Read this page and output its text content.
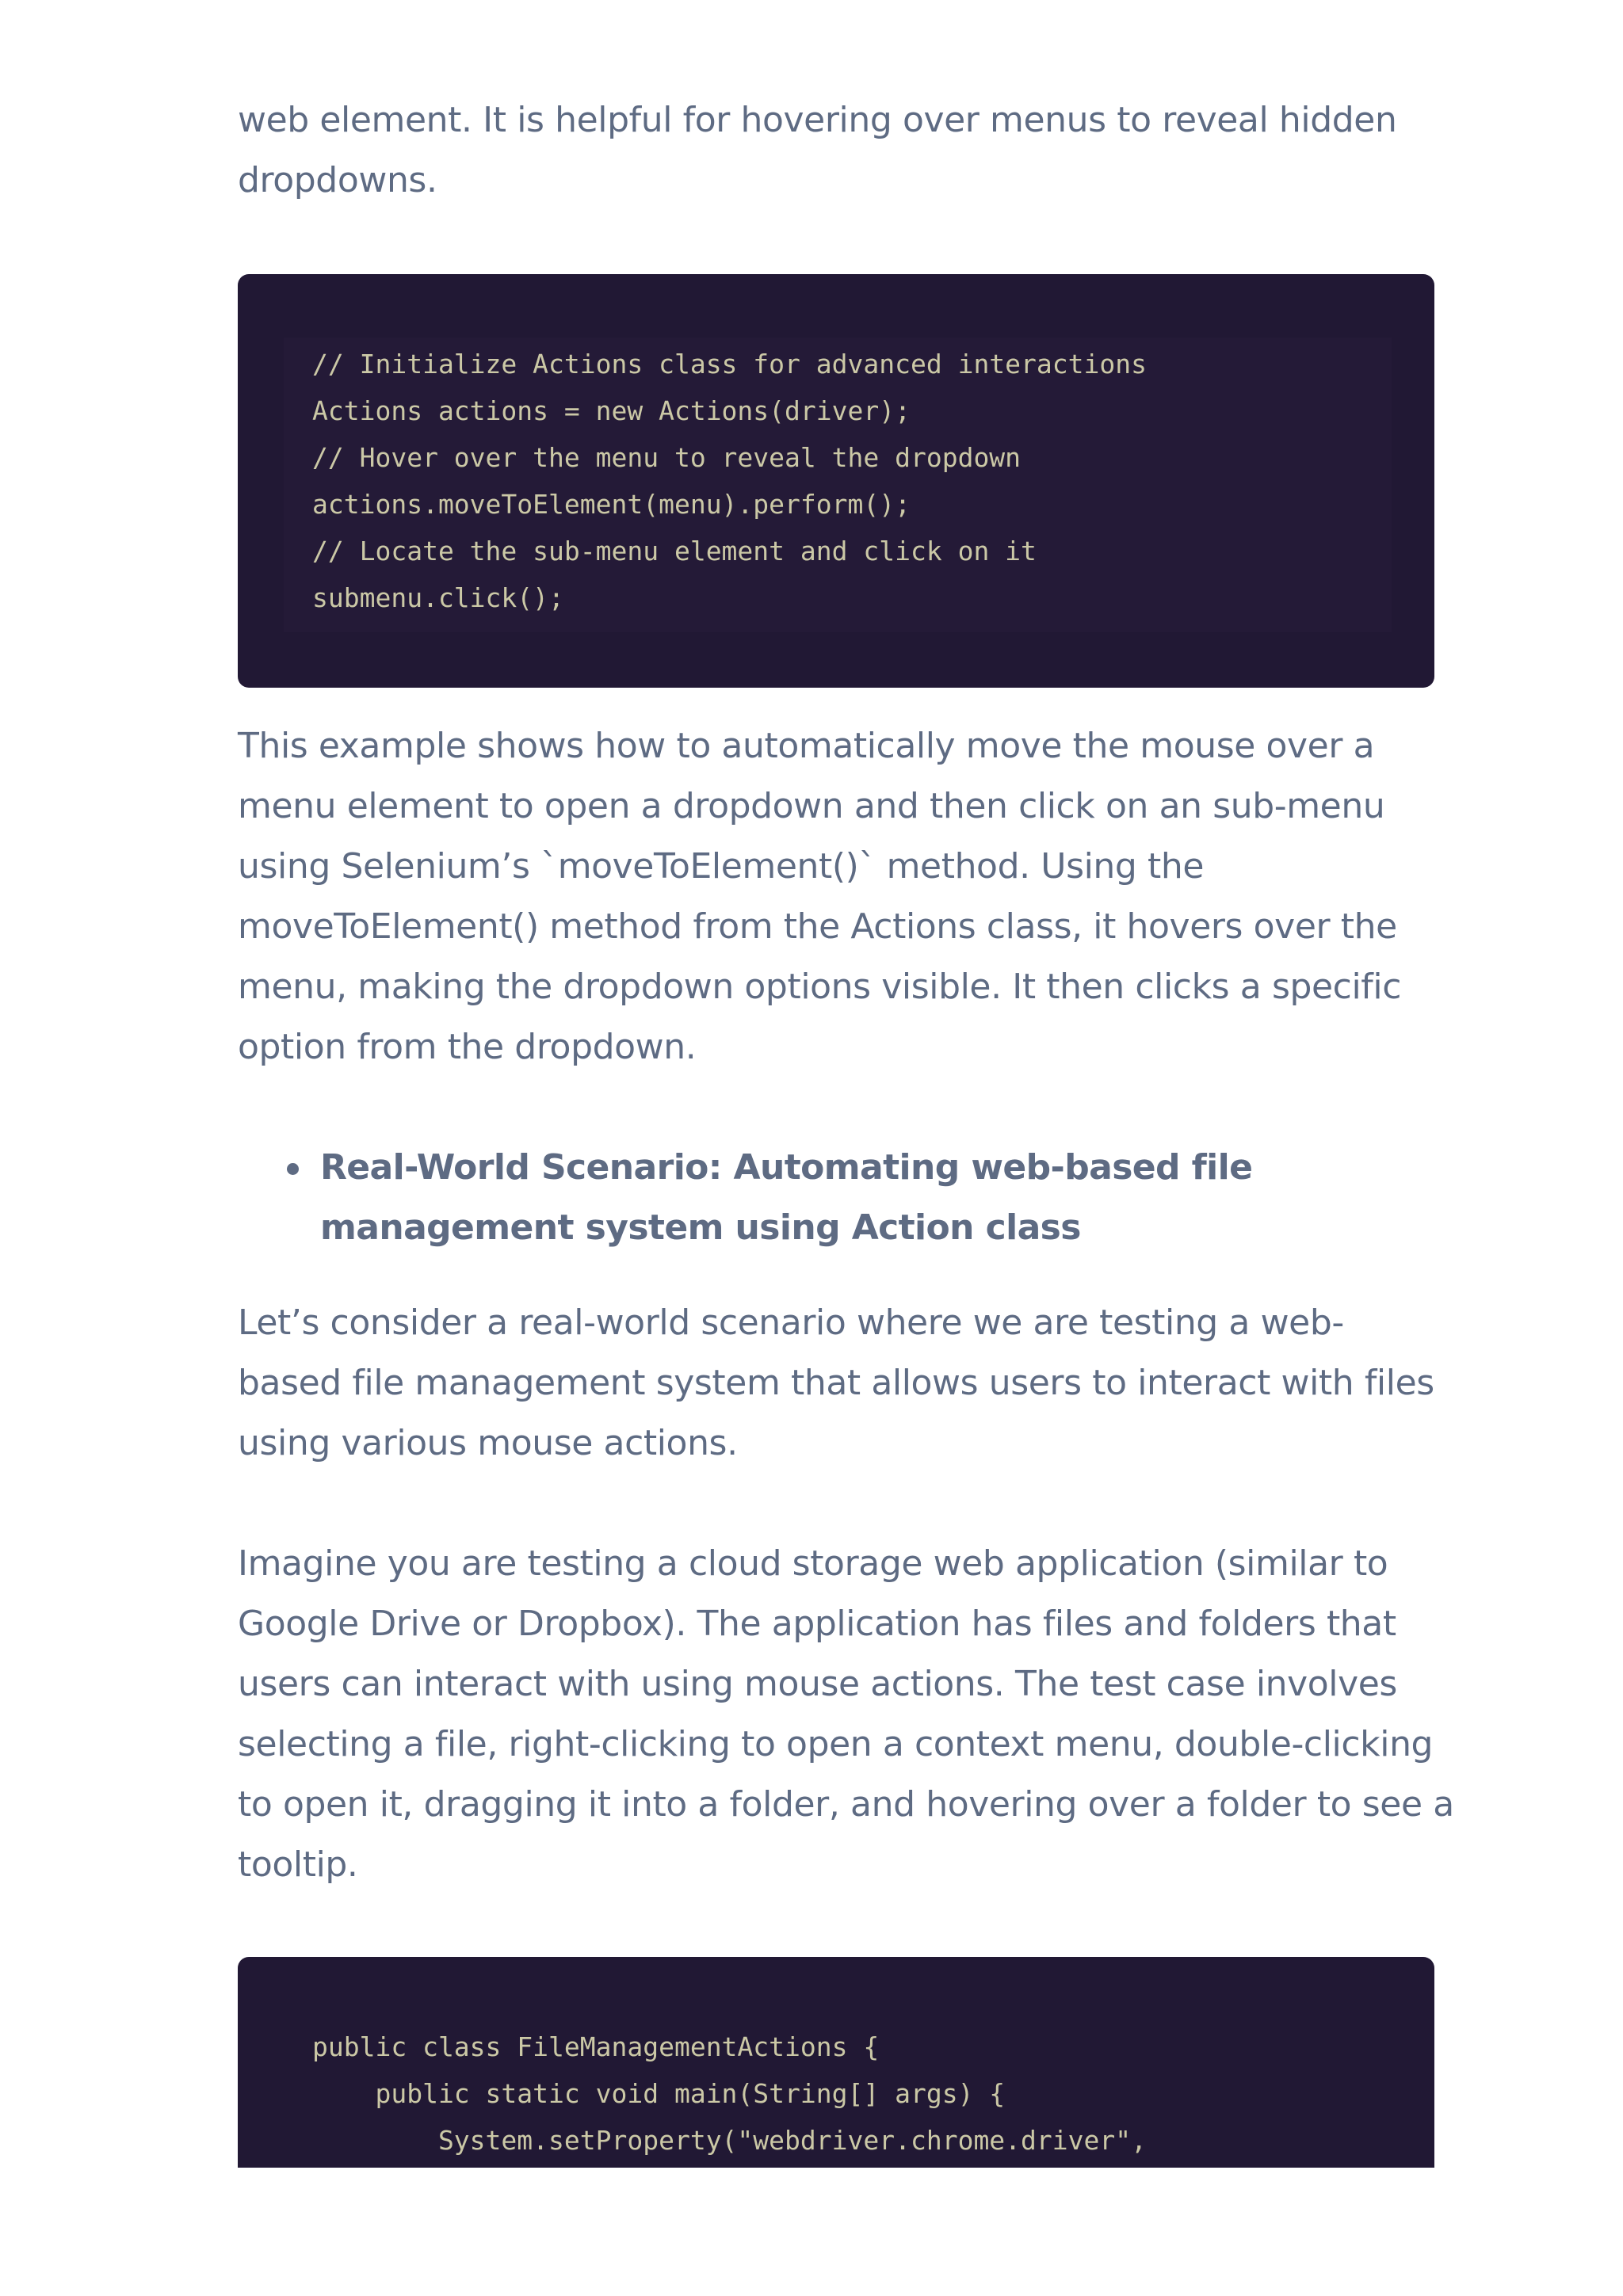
web element. It is helpful for hovering over menus to reveal hidden
dropdowns.
// Initialize Actions class for advanced interactions
Actions actions = new Actions(driver);
// Hover over the menu to reveal the dropdown
actions.moveToElement(menu).perform();
// Locate the sub-menu element and click on it
submenu.click();
This example shows how to automatically move the mouse over a
menu element to open a dropdown and then click on an sub-menu
using Selenium’s `moveToElement()` method. Using the
moveToElement() method from the Actions class, it hovers over the
menu, making the dropdown options visible. It then clicks a specific
option from the dropdown.
Real-World Scenario: Automating web-based file
management system using Action class
Let’s consider a real-world scenario where we are testing a web-
based file management system that allows users to interact with files
using various mouse actions.
Imagine you are testing a cloud storage web application (similar to
Google Drive or Dropbox). The application has files and folders that
users can interact with using mouse actions. The test case involves
selecting a file, right-clicking to open a context menu, double-clicking
to open it, dragging it into a folder, and hovering over a folder to see a
tooltip.
public class FileManagementActions {
public static void main(String[] args) {
System.setProperty("webdriver.chrome.driver",
